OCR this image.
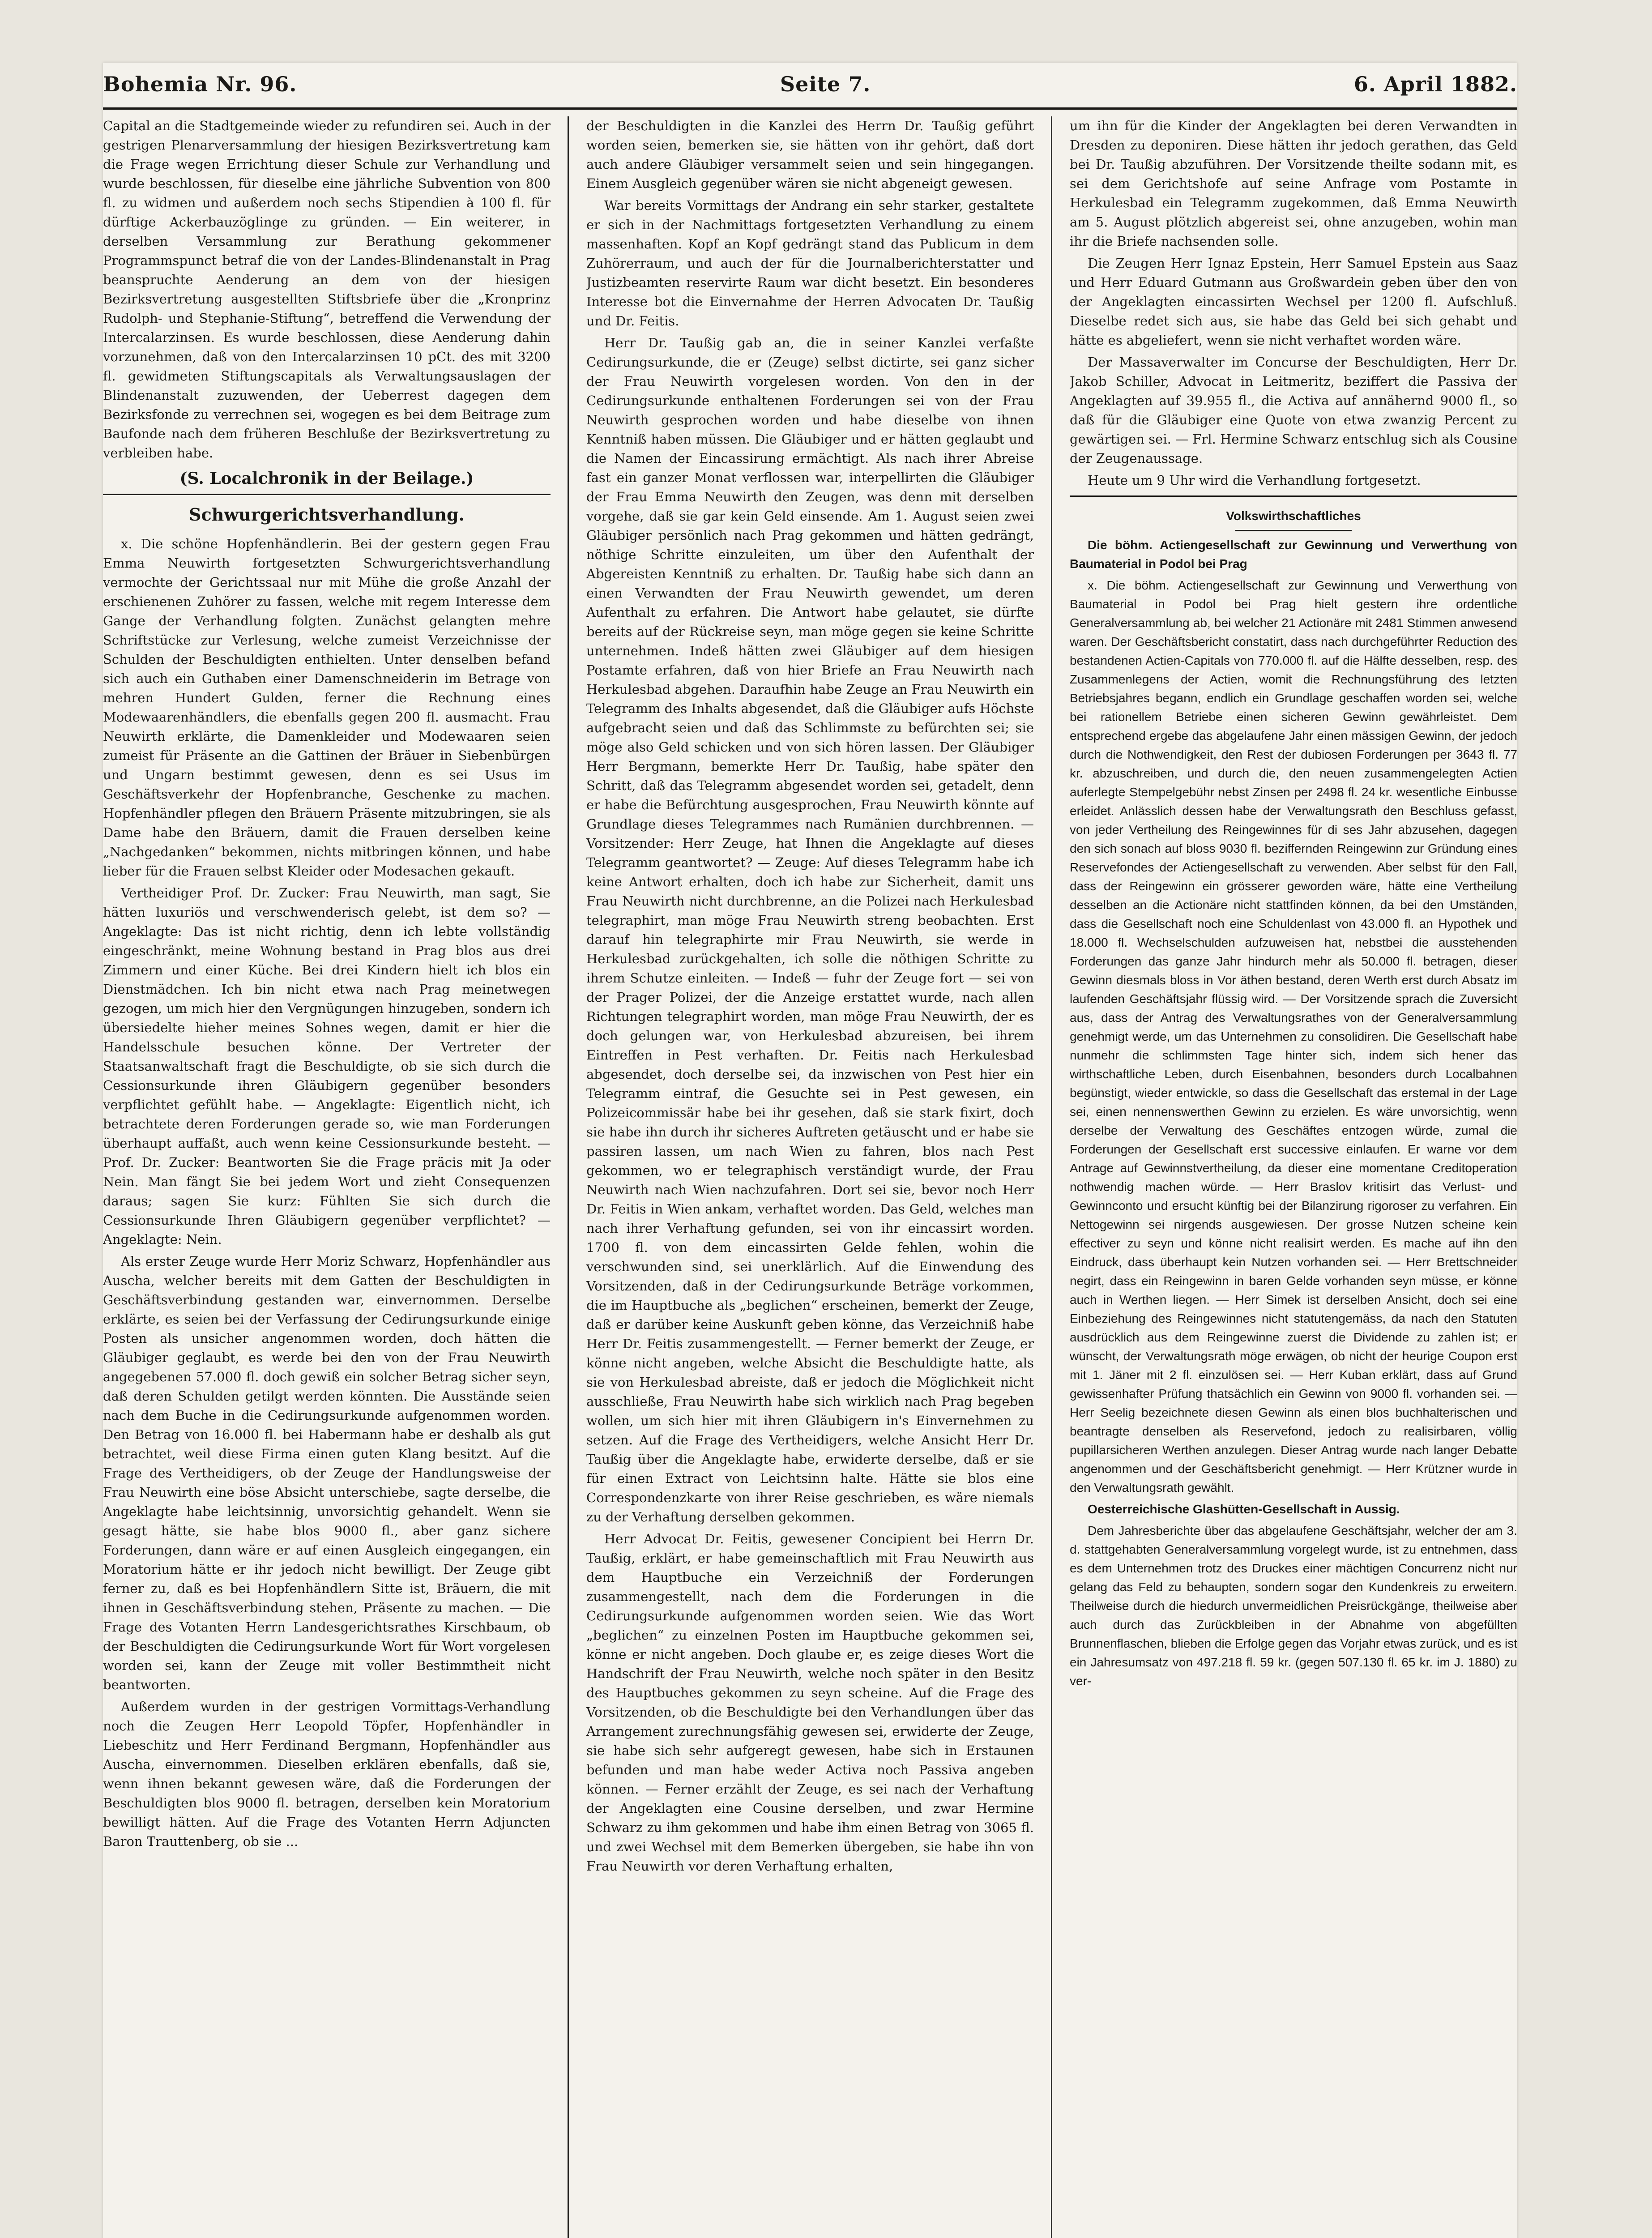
Bohemia Nr. 96.	Seite 7.	6. April 1882.

Capital an die Stadtgemeinde wieder zu refundiren sei. Auch in der gestrigen Plenarversammlung der hiesigen Bezirksvertretung kam die Frage wegen Errichtung dieser Schule zur Verhandlung und wurde beschlossen, für dieselbe eine jährliche Subvention von 800 fl. zu widmen und außerdem noch sechs Stipendien à 100 fl. für dürftige Ackerbauzöglinge zu gründen. — Ein weiterer, in derselben Versammlung zur Berathung gekommener Programmspunct betraf die von der Landes-Blindenanstalt in Prag beanspruchte Aenderung an dem von der hiesigen Bezirksvertretung ausgestellten Stiftsbriefe über die „Kronprinz Rudolph- und Stephanie-Stiftung“, betreffend die Verwendung der Intercalarzinsen. Es wurde beschlossen, diese Aenderung dahin vorzunehmen, daß von den Intercalarzinsen 10 pCt. des mit 3200 fl. gewidmeten Stiftungscapitals als Verwaltungsauslagen der Blindenanstalt zuzuwenden, der Ueberrest dagegen dem Bezirksfonde zu verrechnen sei, wogegen es bei dem Beitrage zum Baufonde nach dem früheren Beschluße der Bezirksvertretung zu verbleiben habe.

(S. Localchronik in der Beilage.)
Schwurgerichtsverhandlung.

x. Die schöne Hopfenhändlerin. Bei der gestern gegen Frau Emma Neuwirth fortgesetzten Schwurgerichtsverhandlung vermochte der Gerichtssaal nur mit Mühe die große Anzahl der erschienenen Zuhörer zu fassen, welche mit regem Interesse dem Gange der Verhandlung folgten. Zunächst gelangten mehre Schriftstücke zur Verlesung, welche zumeist Verzeichnisse der Schulden der Beschuldigten enthielten. Unter denselben befand sich auch ein Guthaben einer Damenschneiderin im Betrage von mehren Hundert Gulden, ferner die Rechnung eines Modewaarenhändlers, die ebenfalls gegen 200 fl. ausmacht. Frau Neuwirth erklärte, die Damenkleider und Modewaaren seien zumeist für Präsente an die Gattinen der Bräuer in Siebenbürgen und Ungarn bestimmt gewesen, denn es sei Usus im Geschäftsverkehr der Hopfenbranche, Geschenke zu machen. Hopfenhändler pflegen den Bräuern Präsente mitzubringen, sie als Dame habe den Bräuern, damit die Frauen derselben keine „Nachgedanken“ bekommen, nichts mitbringen können, und habe lieber für die Frauen selbst Kleider oder Modesachen gekauft.

Vertheidiger Prof. Dr. Zucker: Frau Neuwirth, man sagt, Sie hätten luxuriös und verschwenderisch gelebt, ist dem so? — Angeklagte: Das ist nicht richtig, denn ich lebte vollständig eingeschränkt, meine Wohnung bestand in Prag blos aus drei Zimmern und einer Küche. Bei drei Kindern hielt ich blos ein Dienstmädchen. Ich bin nicht etwa nach Prag meinetwegen gezogen, um mich hier den Vergnügungen hinzugeben, sondern ich übersiedelte hieher meines Sohnes wegen, damit er hier die Handelsschule besuchen könne. Der Vertreter der Staatsanwaltschaft fragt die Beschuldigte, ob sie sich durch die Cessionsurkunde ihren Gläubigern gegenüber besonders verpflichtet gefühlt habe. — Angeklagte: Eigentlich nicht, ich betrachtete deren Forderungen gerade so, wie man Forderungen überhaupt auffaßt, auch wenn keine Cessionsurkunde besteht. — Prof. Dr. Zucker: Beantworten Sie die Frage präcis mit Ja oder Nein. Man fängt Sie bei jedem Wort und zieht Consequenzen daraus; sagen Sie kurz: Fühlten Sie sich durch die Cessionsurkunde Ihren Gläubigern gegenüber verpflichtet? — Angeklagte: Nein.

Als erster Zeuge wurde Herr Moriz Schwarz, Hopfenhändler aus Auscha, welcher bereits mit dem Gatten der Beschuldigten in Geschäftsverbindung gestanden war, einvernommen. Derselbe erklärte, es seien bei der Verfassung der Cedirungsurkunde einige Posten als unsicher angenommen worden, doch hätten die Gläubiger geglaubt, es werde bei den von der Frau Neuwirth angegebenen 57.000 fl. doch gewiß ein solcher Betrag sicher seyn, daß deren Schulden getilgt werden könnten. Die Ausstände seien nach dem Buche in die Cedirungsurkunde aufgenommen worden. Den Betrag von 16.000 fl. bei Habermann habe er deshalb als gut betrachtet, weil diese Firma einen guten Klang besitzt. Auf die Frage des Vertheidigers, ob der Zeuge der Handlungsweise der Frau Neuwirth eine böse Absicht unterschiebe, sagte derselbe, die Angeklagte habe leichtsinnig, unvorsichtig gehandelt. Wenn sie gesagt hätte, sie habe blos 9000 fl., aber ganz sichere Forderungen, dann wäre er auf einen Ausgleich eingegangen, ein Moratorium hätte er ihr jedoch nicht bewilligt. Der Zeuge gibt ferner zu, daß es bei Hopfenhändlern Sitte ist, Bräuern, die mit ihnen in Geschäftsverbindung stehen, Präsente zu machen. — Die Frage des Votanten Herrn Landesgerichtsrathes Kirschbaum, ob der Beschuldigten die Cedirungsurkunde Wort für Wort vorgelesen worden sei, kann der Zeuge mit voller Bestimmtheit nicht beantworten.

Außerdem wurden in der gestrigen Vormittags-Verhandlung noch die Zeugen Herr Leopold Töpfer, Hopfenhändler in Liebeschitz und Herr Ferdinand Bergmann, Hopfenhändler aus Auscha, einvernommen. Dieselben erklären ebenfalls, daß sie, wenn ihnen bekannt gewesen wäre, daß die Forderungen der Beschuldigten blos 9000 fl. betragen, derselben kein Moratorium bewilligt hätten. Auf die Frage des Votanten Herrn Adjuncten Baron Trauttenberg, ob sie ...

der Beschuldigten in die Kanzlei des Herrn Dr. Taußig geführt worden seien, bemerken sie, sie hätten von ihr gehört, daß dort auch andere Gläubiger versammelt seien und sein hingegangen. Einem Ausgleich gegenüber wären sie nicht abgeneigt gewesen.

War bereits Vormittags der Andrang ein sehr starker, gestaltete er sich in der Nachmittags fortgesetzten Verhandlung zu einem massenhaften. Kopf an Kopf gedrängt stand das Publicum in dem Zuhörerraum, und auch der für die Journalberichterstatter und Justizbeamten reservirte Raum war dicht besetzt. Ein besonderes Interesse bot die Einvernahme der Herren Advocaten Dr. Taußig und Dr. Feitis.

Herr Dr. Taußig gab an, die in seiner Kanzlei verfaßte Cedirungsurkunde, die er (Zeuge) selbst dictirte, sei ganz sicher der Frau Neuwirth vorgelesen worden. Von den in der Cedirungsurkunde enthaltenen Forderungen sei von der Frau Neuwirth gesprochen worden und habe dieselbe von ihnen Kenntniß haben müssen. Die Gläubiger und er hätten geglaubt und die Namen der Eincassirung ermächtigt. Als nach ihrer Abreise fast ein ganzer Monat verflossen war, interpellirten die Gläubiger der Frau Emma Neuwirth den Zeugen, was denn mit derselben vorgehe, daß sie gar kein Geld einsende. Am 1. August seien zwei Gläubiger persönlich nach Prag gekommen und hätten gedrängt, nöthige Schritte einzuleiten, um über den Aufenthalt der Abgereisten Kenntniß zu erhalten. Dr. Taußig habe sich dann an einen Verwandten der Frau Neuwirth gewendet, um deren Aufenthalt zu erfahren. Die Antwort habe gelautet, sie dürfte bereits auf der Rückreise seyn, man möge gegen sie keine Schritte unternehmen. Indeß hätten zwei Gläubiger auf dem hiesigen Postamte erfahren, daß von hier Briefe an Frau Neuwirth nach Herkulesbad abgehen. Daraufhin habe Zeuge an Frau Neuwirth ein Telegramm des Inhalts abgesendet, daß die Gläubiger aufs Höchste aufgebracht seien und daß das Schlimmste zu befürchten sei; sie möge also Geld schicken und von sich hören lassen. Der Gläubiger Herr Bergmann, bemerkte Herr Dr. Taußig, habe später den Schritt, daß das Telegramm abgesendet worden sei, getadelt, denn er habe die Befürchtung ausgesprochen, Frau Neuwirth könnte auf Grundlage dieses Telegrammes nach Rumänien durchbrennen. — Vorsitzender: Herr Zeuge, hat Ihnen die Angeklagte auf dieses Telegramm geantwortet? — Zeuge: Auf dieses Telegramm habe ich keine Antwort erhalten, doch ich habe zur Sicherheit, damit uns Frau Neuwirth nicht durchbrenne, an die Polizei nach Herkulesbad telegraphirt, man möge Frau Neuwirth streng beobachten. Erst darauf hin telegraphirte mir Frau Neuwirth, sie werde in Herkulesbad zurückgehalten, ich solle die nöthigen Schritte zu ihrem Schutze einleiten. — Indeß — fuhr der Zeuge fort — sei von der Prager Polizei, der die Anzeige erstattet wurde, nach allen Richtungen telegraphirt worden, man möge Frau Neuwirth, der es doch gelungen war, von Herkulesbad abzureisen, bei ihrem Eintreffen in Pest verhaften. Dr. Feitis nach Herkulesbad abgesendet, doch derselbe sei, da inzwischen von Pest hier ein Telegramm eintraf, die Gesuchte sei in Pest gewesen, ein Polizeicommissär habe bei ihr gesehen, daß sie stark fixirt, doch sie habe ihn durch ihr sicheres Auftreten getäuscht und er habe sie passiren lassen, um nach Wien zu fahren, blos nach Pest gekommen, wo er telegraphisch verständigt wurde, der Frau Neuwirth nach Wien nachzufahren. Dort sei sie, bevor noch Herr Dr. Feitis in Wien ankam, verhaftet worden. Das Geld, welches man nach ihrer Verhaftung gefunden, sei von ihr eincassirt worden. 1700 fl. von dem eincassirten Gelde fehlen, wohin die verschwunden sind, sei unerklärlich. Auf die Einwendung des Vorsitzenden, daß in der Cedirungsurkunde Beträge vorkommen, die im Hauptbuche als „beglichen“ erscheinen, bemerkt der Zeuge, daß er darüber keine Auskunft geben könne, das Verzeichniß habe Herr Dr. Feitis zusammengestellt. — Ferner bemerkt der Zeuge, er könne nicht angeben, welche Absicht die Beschuldigte hatte, als sie von Herkulesbad abreiste, daß er jedoch die Möglichkeit nicht ausschließe, Frau Neuwirth habe sich wirklich nach Prag begeben wollen, um sich hier mit ihren Gläubigern in's Einvernehmen zu setzen. Auf die Frage des Vertheidigers, welche Ansicht Herr Dr. Taußig über die Angeklagte habe, erwiderte derselbe, daß er sie für einen Extract von Leichtsinn halte. Hätte sie blos eine Correspondenzkarte von ihrer Reise geschrieben, es wäre niemals zu der Verhaftung derselben gekommen.

Herr Advocat Dr. Feitis, gewesener Concipient bei Herrn Dr. Taußig, erklärt, er habe gemeinschaftlich mit Frau Neuwirth aus dem Hauptbuche ein Verzeichniß der Forderungen zusammengestellt, nach dem die Forderungen in die Cedirungsurkunde aufgenommen worden seien. Wie das Wort „beglichen“ zu einzelnen Posten im Hauptbuche gekommen sei, könne er nicht angeben. Doch glaube er, es zeige dieses Wort die Handschrift der Frau Neuwirth, welche noch später in den Besitz des Hauptbuches gekommen zu seyn scheine. Auf die Frage des Vorsitzenden, ob die Beschuldigte bei den Verhandlungen über das Arrangement zurechnungsfähig gewesen sei, erwiderte der Zeuge, sie habe sich sehr aufgeregt gewesen, habe sich in Erstaunen befunden und man habe weder Activa noch Passiva angeben können. — Ferner erzählt der Zeuge, es sei nach der Verhaftung der Angeklagten eine Cousine derselben, und zwar Hermine Schwarz zu ihm gekommen und habe ihm einen Betrag von 3065 fl. und zwei Wechsel mit dem Bemerken übergeben, sie habe ihn von Frau Neuwirth vor deren Verhaftung erhalten,

um ihn für die Kinder der Angeklagten bei deren Verwandten in Dresden zu deponiren. Diese hätten ihr jedoch gerathen, das Geld bei Dr. Taußig abzuführen. Der Vorsitzende theilte sodann mit, es sei dem Gerichtshofe auf seine Anfrage vom Postamte in Herkulesbad ein Telegramm zugekommen, daß Emma Neuwirth am 5. August plötzlich abgereist sei, ohne anzugeben, wohin man ihr die Briefe nachsenden solle.

Die Zeugen Herr Ignaz Epstein, Herr Samuel Epstein aus Saaz und Herr Eduard Gutmann aus Großwardein geben über den von der Angeklagten eincassirten Wechsel per 1200 fl. Aufschluß. Dieselbe redet sich aus, sie habe das Geld bei sich gehabt und hätte es abgeliefert, wenn sie nicht verhaftet worden wäre.

Der Massaverwalter im Concurse der Beschuldigten, Herr Dr. Jakob Schiller, Advocat in Leitmeritz, beziffert die Passiva der Angeklagten auf 39.955 fl., die Activa auf annähernd 9000 fl., so daß für die Gläubiger eine Quote von etwa zwanzig Percent zu gewärtigen sei. — Frl. Hermine Schwarz entschlug sich als Cousine der Zeugenaussage.

Heute um 9 Uhr wird die Verhandlung fortgesetzt.

Volkswirthschaftliches

Die böhm. Actiengesellschaft zur Gewinnung und Verwerthung von Baumaterial in Podol bei Prag

x. Die böhm. Actiengesellschaft zur Gewinnung und Verwerthung von Baumaterial in Podol bei Prag hielt gestern ihre ordentliche Generalversammlung ab, bei welcher 21 Actionäre mit 2481 Stimmen anwesend waren. Der Geschäftsbericht constatirt, dass nach durchgeführter Reduction des bestandenen Actien-Capitals von 770.000 fl. auf die Hälfte desselben, resp. des Zusammenlegens der Actien, womit die Rechnungsführung des letzten Betriebsjahres begann, endlich ein Grundlage geschaffen worden sei, welche bei rationellem Betriebe einen sicheren Gewinn gewährleistet. Dem entsprechend ergebe das abgelaufene Jahr einen mässigen Gewinn, der jedoch durch die Nothwendigkeit, den Rest der dubiosen Forderungen per 3643 fl. 77 kr. abzuschreiben, und durch die, den neuen zusammengelegten Actien auferlegte Stempelgebühr nebst Zinsen per 2498 fl. 24 kr. wesentliche Einbusse erleidet. Anlässlich dessen habe der Verwaltungsrath den Beschluss gefasst, von jeder Vertheilung des Reingewinnes für di ses Jahr abzusehen, dagegen den sich sonach auf bloss 9030 fl. beziffernden Reingewinn zur Gründung eines Reservefondes der Actiengesellschaft zu verwenden. Aber selbst für den Fall, dass der Reingewinn ein grösserer geworden wäre, hätte eine Vertheilung desselben an die Actionäre nicht stattfinden können, da bei den Umständen, dass die Gesellschaft noch eine Schuldenlast von 43.000 fl. an Hypothek und 18.000 fl. Wechselschulden aufzuweisen hat, nebstbei die ausstehenden Forderungen das ganze Jahr hindurch mehr als 50.000 fl. betragen, dieser Gewinn diesmals bloss in Vor äthen bestand, deren Werth erst durch Absatz im laufenden Geschäftsjahr flüssig wird. — Der Vorsitzende sprach die Zuversicht aus, dass der Antrag des Verwaltungsrathes von der Generalversammlung genehmigt werde, um das Unternehmen zu consolidiren. Die Gesellschaft habe nunmehr die schlimmsten Tage hinter sich, indem sich hener das wirthschaftliche Leben, durch Eisenbahnen, besonders durch Localbahnen begünstigt, wieder entwickle, so dass die Gesellschaft das erstemal in der Lage sei, einen nennenswerthen Gewinn zu erzielen. Es wäre unvorsichtig, wenn derselbe der Verwaltung des Geschäftes entzogen würde, zumal die Forderungen der Gesellschaft erst successive einlaufen. Er warne vor dem Antrage auf Gewinnstvertheilung, da dieser eine momentane Creditoperation nothwendig machen würde. — Herr Braslov kritisirt das Verlust- und Gewinnconto und ersucht künftig bei der Bilanzirung rigoroser zu verfahren. Ein Nettogewinn sei nirgends ausgewiesen. Der grosse Nutzen scheine kein effectiver zu seyn und könne nicht realisirt werden. Es mache auf ihn den Eindruck, dass überhaupt kein Nutzen vorhanden sei. — Herr Brettschneider negirt, dass ein Reingewinn in baren Gelde vorhanden seyn müsse, er könne auch in Werthen liegen. — Herr Simek ist derselben Ansicht, doch sei eine Einbeziehung des Reingewinnes nicht statutengemäss, da nach den Statuten ausdrücklich aus dem Reingewinne zuerst die Dividende zu zahlen ist; er wünscht, der Verwaltungsrath möge erwägen, ob nicht der heurige Coupon erst mit 1. Jäner mit 2 fl. einzulösen sei. — Herr Kuban erklärt, dass auf Grund gewissenhafter Prüfung thatsächlich ein Gewinn von 9000 fl. vorhanden sei. — Herr Seelig bezeichnete diesen Gewinn als einen blos buchhalterischen und beantragte denselben als Reservefond, jedoch zu realisirbaren, völlig pupillarsicheren Werthen anzulegen. Dieser Antrag wurde nach langer Debatte angenommen und der Geschäftsbericht genehmigt. — Herr Krützner wurde in den Verwaltungsrath gewählt.

Oesterreichische Glashütten-Gesellschaft in Aussig.

Dem Jahresberichte über das abgelaufene Geschäftsjahr, welcher der am 3. d. stattgehabten Generalversammlung vorgelegt wurde, ist zu entnehmen, dass es dem Unternehmen trotz des Druckes einer mächtigen Concurrenz nicht nur gelang das Feld zu behaupten, sondern sogar den Kundenkreis zu erweitern. Theilweise durch die hiedurch unvermeidlichen Preisrückgänge, theilweise aber auch durch das Zurückbleiben in der Abnahme von abgefüllten Brunnenflaschen, blieben die Erfolge gegen das Vorjahr etwas zurück, und es ist ein Jahresumsatz von 497.218 fl. 59 kr. (gegen 507.130 fl. 65 kr. im J. 1880) zu ver-
